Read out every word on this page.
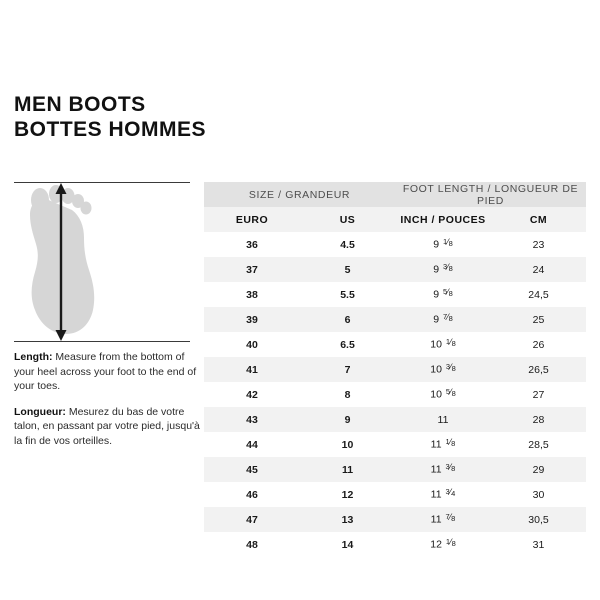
MEN BOOTS
BOTTES HOMMES

Length: Measure from the bottom of your heel across your foot to the end of your toes.

Longueur: Mesurez du bas de votre talon, en passant par votre pied, jusqu'à la fin de vos orteilles.

SIZE / GRANDEUR		FOOT LENGTH / LONGUEUR DE PIED	
EURO	US	INCH / POUCES	CM
36	4.5	9 1⁄8	23
37	5	9 3⁄8	24
38	5.5	9 5⁄8	24,5
39	6	9 7⁄8	25
40	6.5	10 1⁄8	26
41	7	10 3⁄8	26,5
42	8	10 5⁄8	27
43	9	11	28
44	10	11 1⁄8	28,5
45	11	11 3⁄8	29
46	12	11 3⁄4	30
47	13	11 7⁄8	30,5
48	14	12 1⁄8	31
